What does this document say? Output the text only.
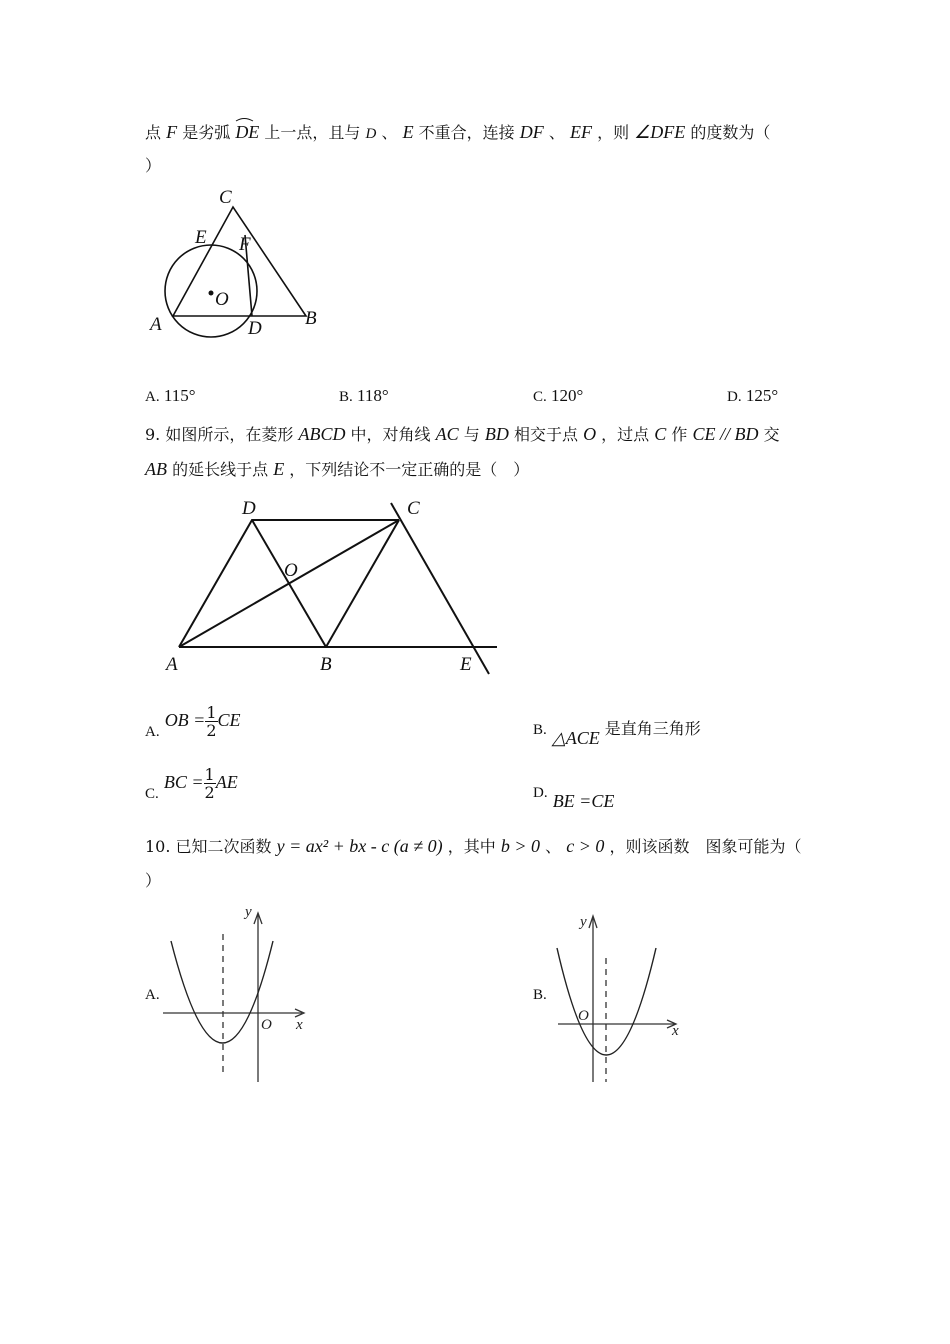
点 F 是劣弧 DE 上一点，且与 D 、 E 不重合，连接 DF 、 EF ，则 ∠DFE 的度数为（
）
C
E F
O
A	D B
A. 115°	B. 118°	C. 120°	D. 125°
9. 如图所示，在菱形 ABCD 中，对角线 AC 与 BD 相交于点 O ，过点 C 作 CE // BD 交
AB 的延长线于点 E ，下列结论不一定正确的是（　）
D	C
O
A	B	E
A. OB = $\frac{1}{2}$ CE	B. △ACE 是直角三角形
C. BC = $\frac{1}{2}$ AE
D. BE =CE
10. 已知二次函数 y = ax² + bx - c (a ≠ 0) ，其中 b > 0 、 c > 0 ，则该函数　图象可能为（
）
A.	B.
y
x
O
y
x
O
